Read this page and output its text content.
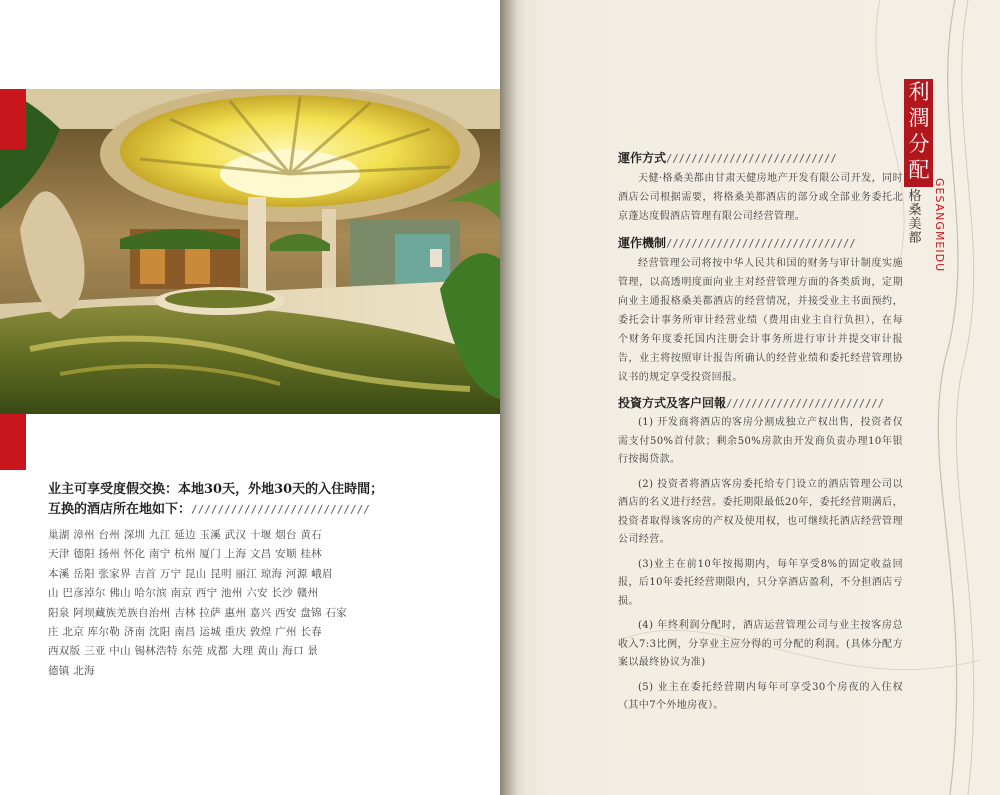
业主可享受度假交换：本地30天，外地30天的入住時間；
互换的酒店所在地如下：///////////////////////////
巢湖 漳州 台州 深圳 九江 延边 玉溪 武汉 十堰 烟台 黄石
天津 德阳 扬州 怀化 南宁 杭州 厦门 上海 文昌 安顺 桂林
本溪 岳阳 张家界 吉首 万宁 昆山 昆明 丽江 琼海 河源 峨眉
山 巴彦淖尔 佛山 哈尔滨 南京 西宁 池州 六安 长沙 赣州
阳泉 阿坝藏族羌族自治州 吉林 拉萨 惠州 嘉兴 西安 盘锦 石家
庄 北京 库尔勒 济南 沈阳 南昌 运城 重庆 敦煌 广州 长春
西双版 三亚 中山 锡林浩特 东莞 成都 大理 黄山 海口 景
德镇 北海
利
潤
分
配
格
桑
美
都 GESANGMEIDU
運作方式///////////////////////////

天健·格桑美都由甘肃天健房地产开发有限公司开发，同时酒店公司根据需要，将格桑美都酒店的部分或全部业务委托北京蓬达度假酒店管理有限公司经营管理。

運作機制//////////////////////////////

经营管理公司将按中华人民共和国的财务与审计制度实施管理，以高透明度面向业主对经营管理方面的各类质询，定期向业主通报格桑美都酒店的经营情况，并接受业主书面预约，委托会计事务所审计经营业绩（费用由业主自行负担），在每个财务年度委托国内注册会计事务所进行审计并提交审计报告，业主将按照审计报告所确认的经营业绩和委托经营管理协议书的规定享受投资回报。

投資方式及客户回報/////////////////////////

(1) 开发商将酒店的客房分割成独立产权出售，投资者仅需支付50%首付款；剩余50%房款由开发商负责办理10年银行按揭贷款。

(2) 投资者将酒店客房委托给专门设立的酒店管理公司以酒店的名义进行经营。委托期限最低20年，委托经营期满后，投资者取得该客房的产权及使用权，也可继续托酒店经营管理公司经营。

(3)业主在前10年按揭期内，每年享受8%的固定收益回报，后10年委托经营期限内，只分享酒店盈利，不分担酒店亏损。

(4) 年终利润分配时，酒店运营管理公司与业主按客房总收入7:3比例，分享业主应分得的可分配的利润。(具体分配方案以最终协议为准)

(5) 业主在委托经营期内每年可享受30个房夜的入住权（其中7个外地房夜）。
